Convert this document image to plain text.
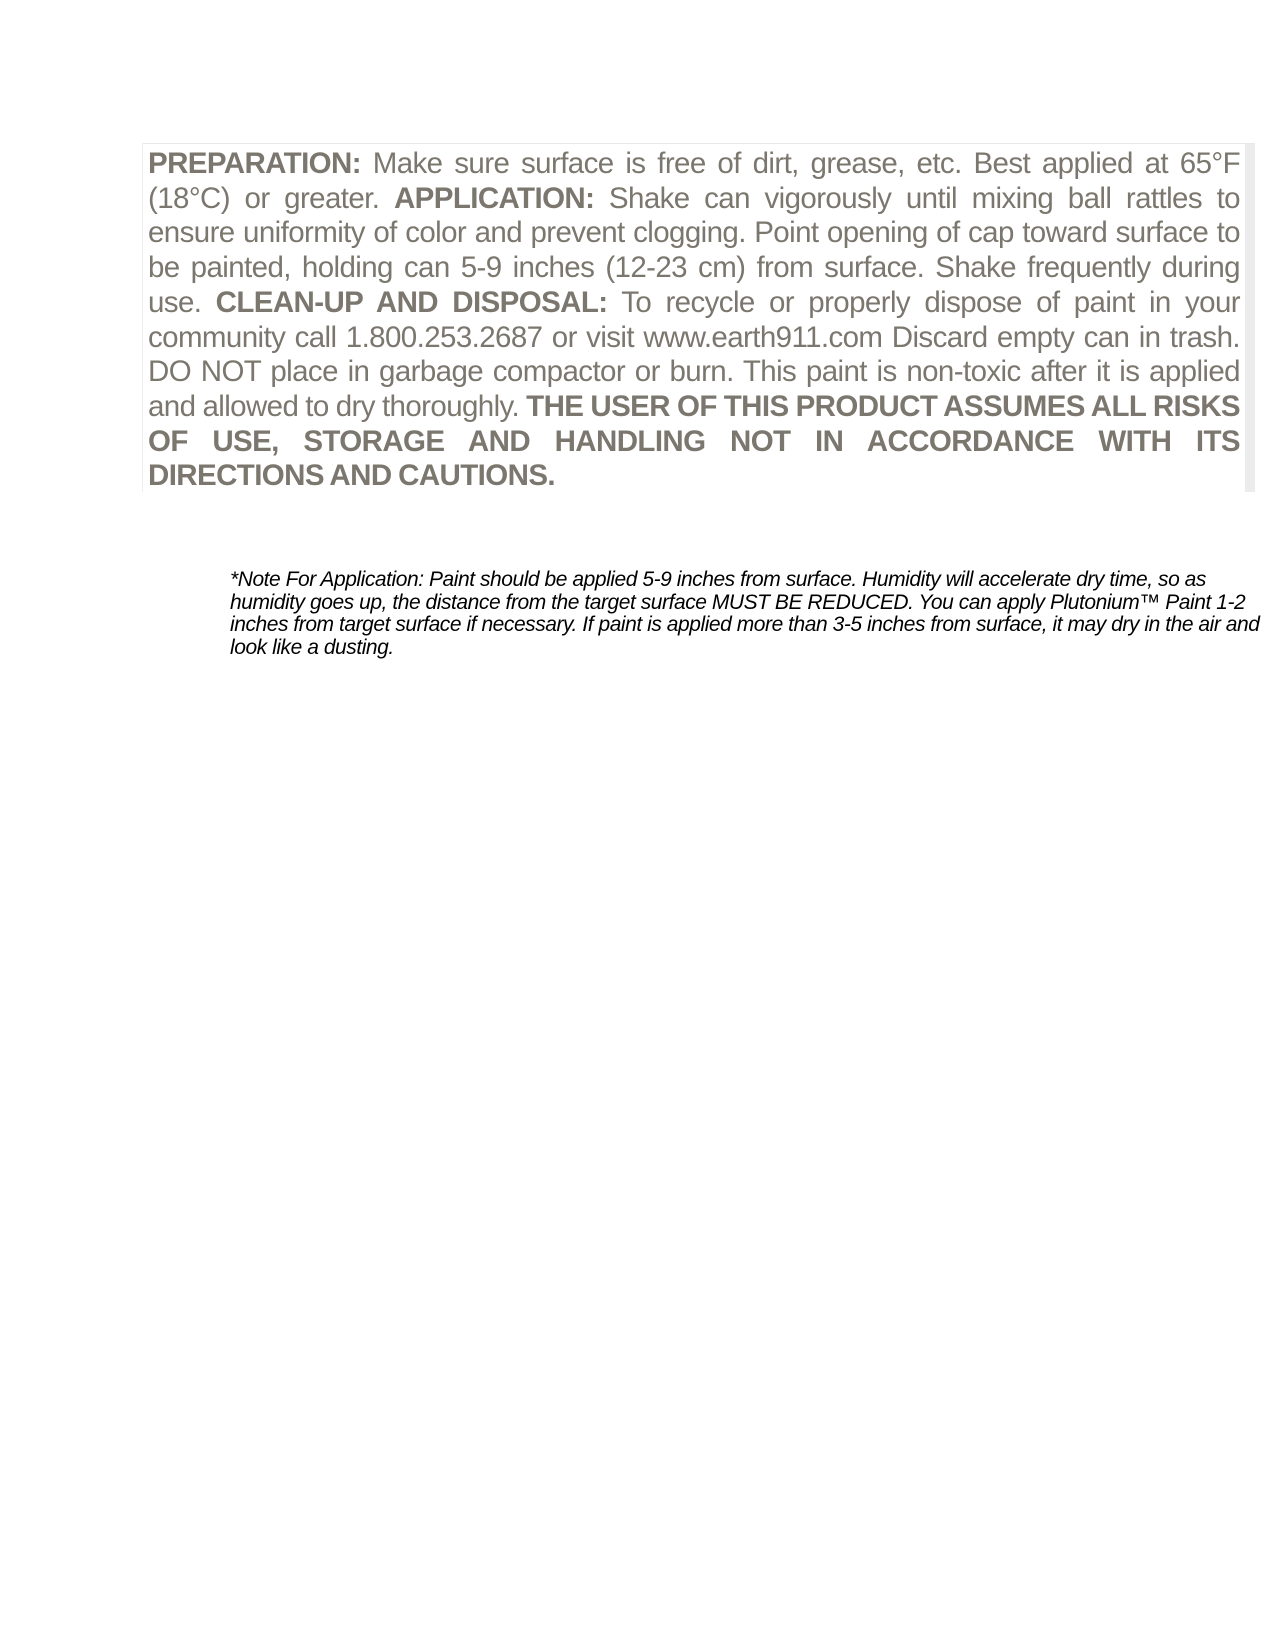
PREPARATION: Make sure surface is free of dirt, grease, etc. Best applied at 65°F (18°C) or greater. APPLICATION: Shake can vigorously until mixing ball rattles to ensure uniformity of color and prevent clogging. Point opening of cap toward surface to be painted, holding can 5-9 inches (12-23 cm) from surface. Shake frequently during use. CLEAN-UP AND DISPOSAL: To recycle or properly dispose of paint in your community call 1.800.253.2687 or visit www.earth911.com Discard empty can in trash. DO NOT place in garbage compactor or burn. This paint is non-toxic after it is applied and allowed to dry thoroughly. THE USER OF THIS PRODUCT ASSUMES ALL RISKS OF USE, STORAGE AND HANDLING NOT IN ACCORDANCE WITH ITS DIRECTIONS AND CAUTIONS.

*Note For Application: Paint should be applied 5-9 inches from surface. Humidity will accelerate dry time, so as humidity goes up, the distance from the target surface MUST BE REDUCED. You can apply Plutonium™ Paint 1-2 inches from target surface if necessary. If paint is applied more than 3-5 inches from surface, it may dry in the air and look like a dusting.
